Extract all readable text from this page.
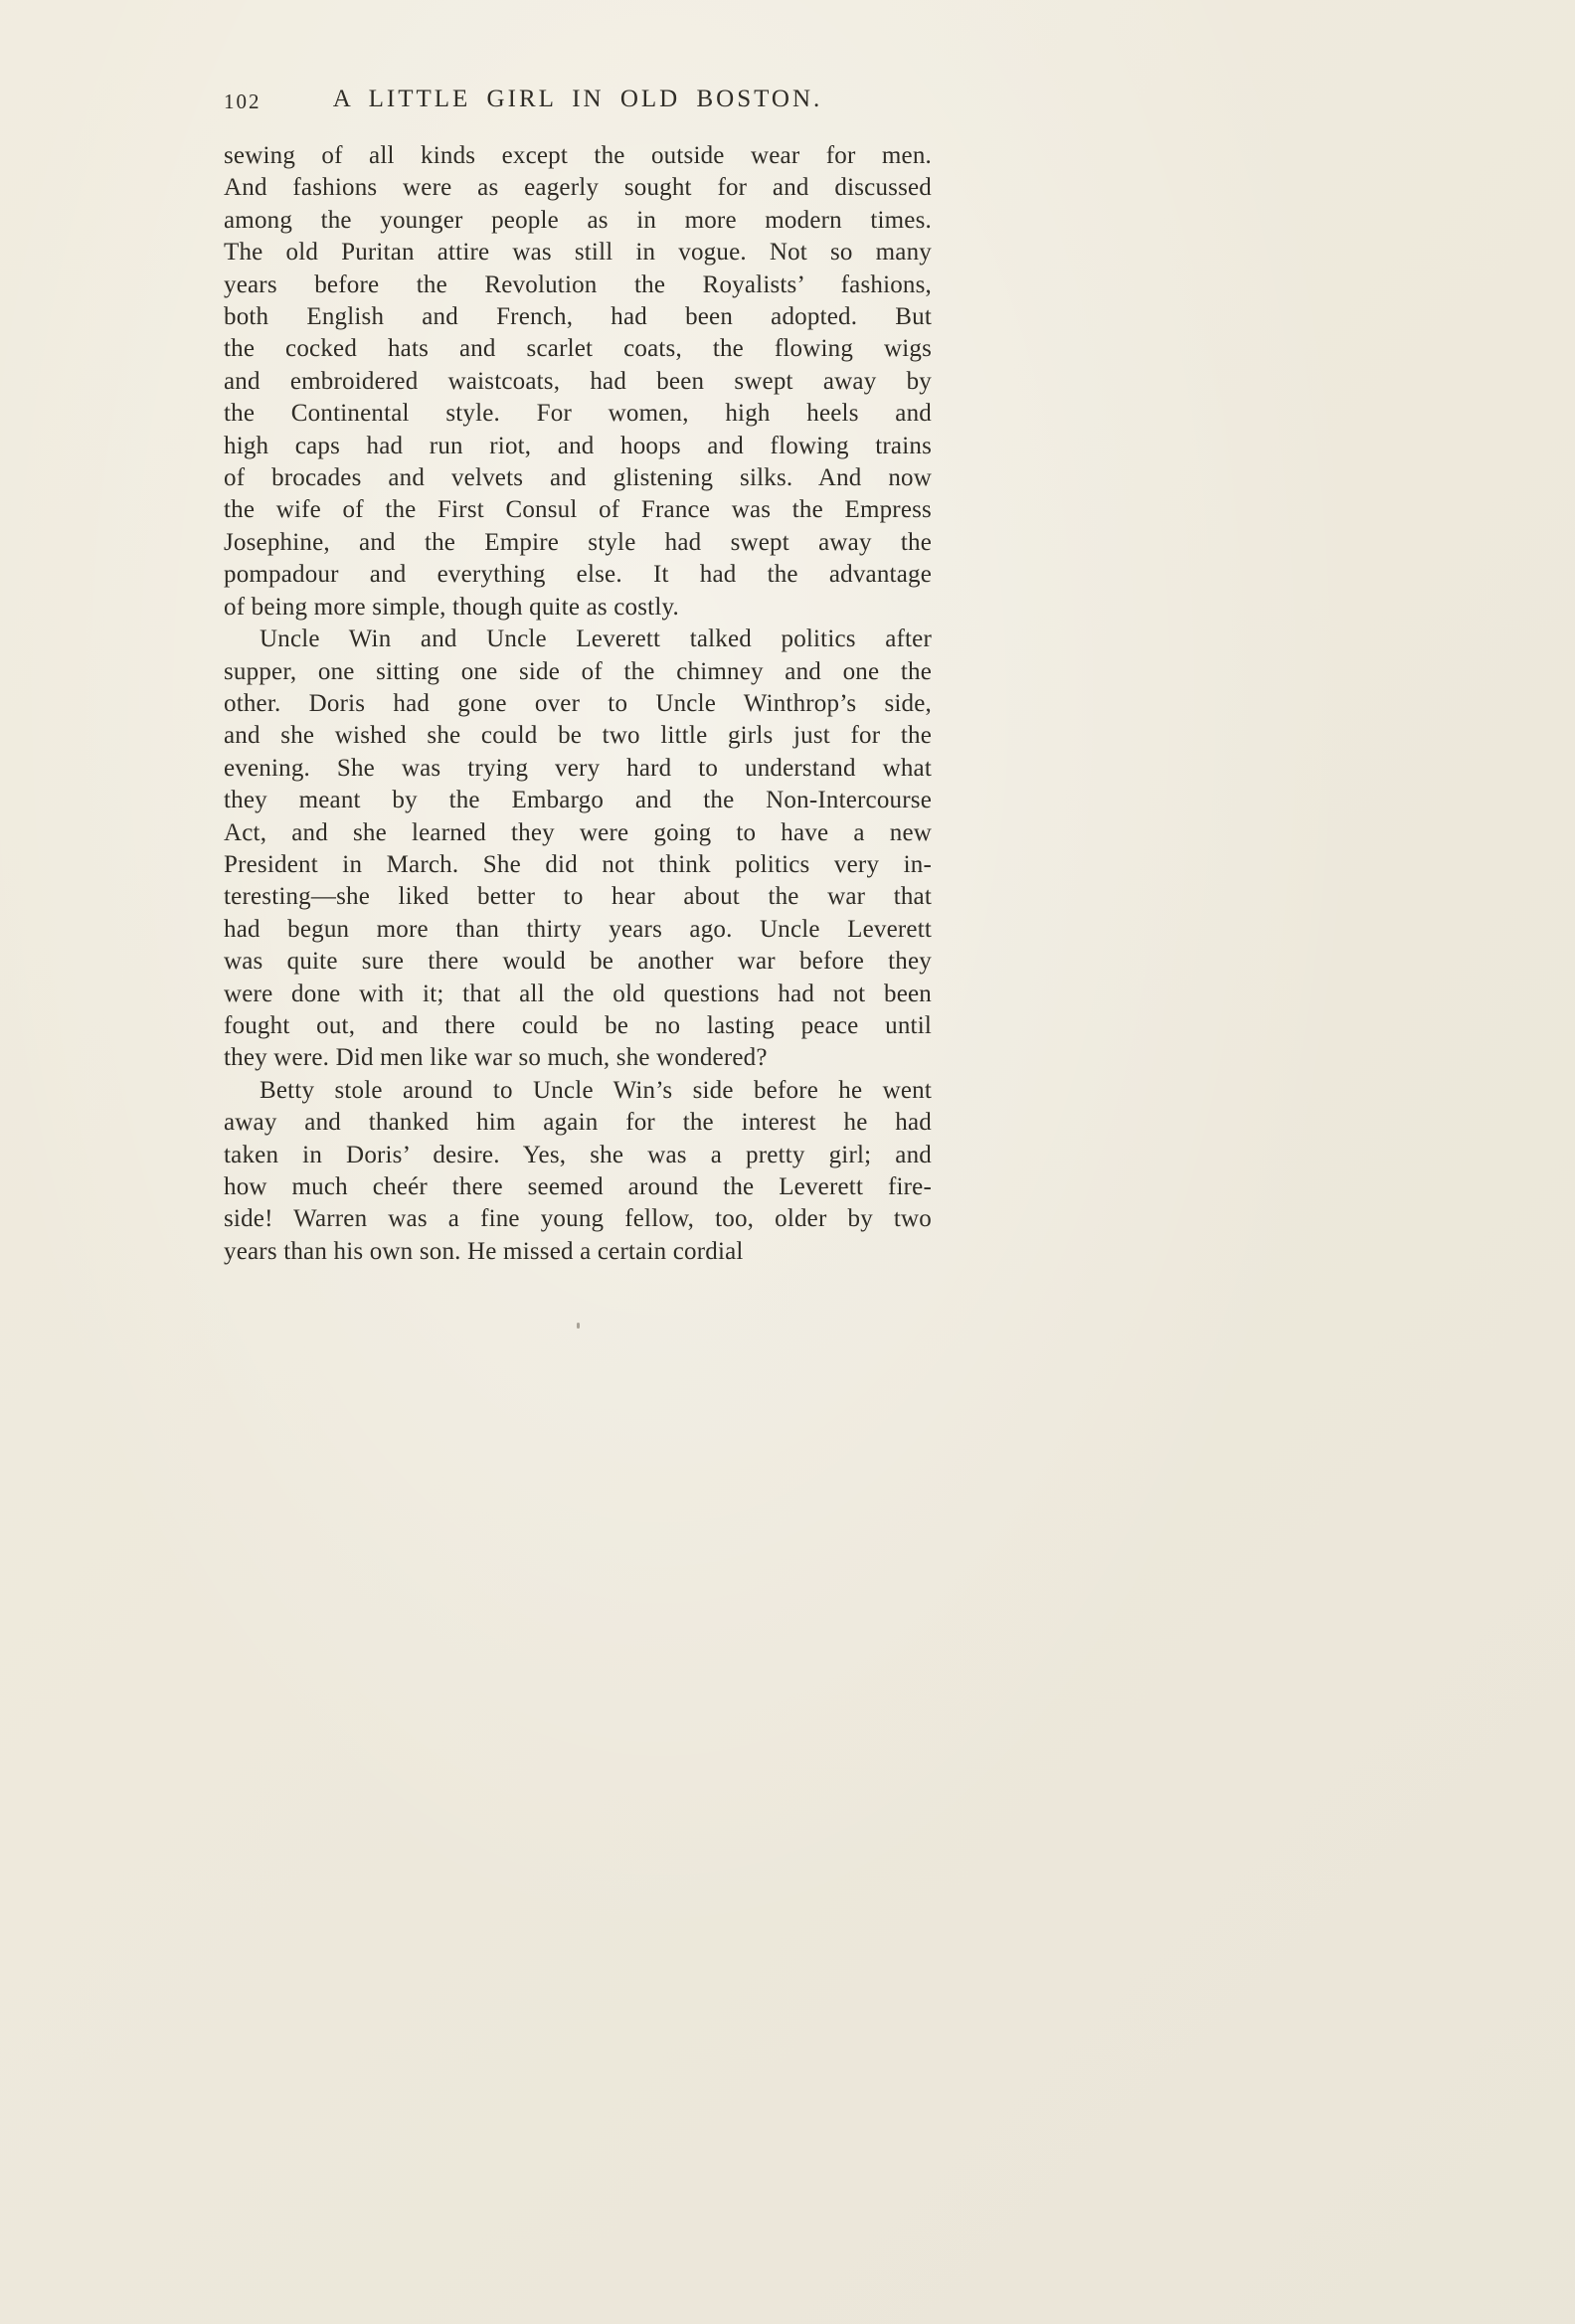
102	A LITTLE GIRL IN OLD BOSTON.

sewing of all kinds except the outside wear for men.
And fashions were as eagerly sought for and discussed
among the younger people as in more modern times.
The old Puritan attire was still in vogue. Not so many
years before the Revolution the Royalists’ fashions,
both English and French, had been adopted. But
the cocked hats and scarlet coats, the flowing wigs
and embroidered waistcoats, had been swept away by
the Continental style. For women, high heels and
high caps had run riot, and hoops and flowing trains
of brocades and velvets and glistening silks. And now
the wife of the First Consul of France was the Empress
Josephine, and the Empire style had swept away the
pompadour and everything else. It had the advantage
of being more simple, though quite as costly.

Uncle Win and Uncle Leverett talked politics after
supper, one sitting one side of the chimney and one the
other. Doris had gone over to Uncle Winthrop’s side,
and she wished she could be two little girls just for the
evening. She was trying very hard to understand what
they meant by the Embargo and the Non-Intercourse
Act, and she learned they were going to have a new
President in March. She did not think politics very in-
teresting—she liked better to hear about the war that
had begun more than thirty years ago. Uncle Leverett
was quite sure there would be another war before they
were done with it; that all the old questions had not been
fought out, and there could be no lasting peace until
they were. Did men like war so much, she wondered?

Betty stole around to Uncle Win’s side before he went
away and thanked him again for the interest he had
taken in Doris’ desire. Yes, she was a pretty girl; and
how much cheér there seemed around the Leverett fire-
side! Warren was a fine young fellow, too, older by two
years than his own son. He missed a certain cordial
